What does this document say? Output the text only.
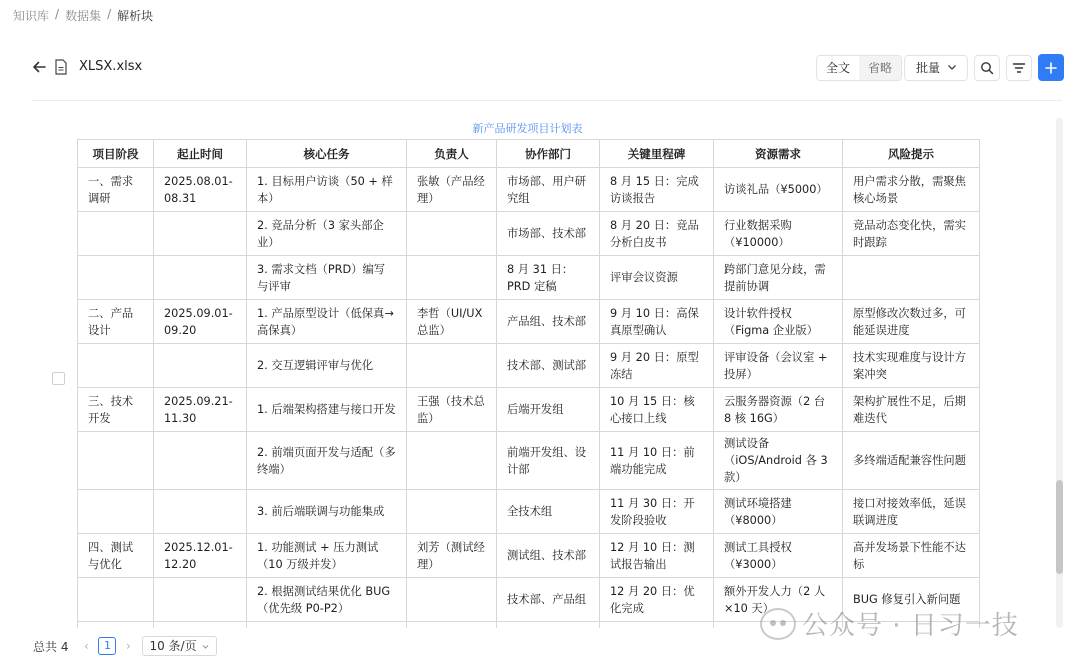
知识库 / 数据集 / 解析块
XLSX.xlsx	全文	省略	批量
新产品研发项目计划表
项目阶段	起止时间	核心任务	负责人	协作部门	关键里程碑	资源需求	风险提示
一、需求调研	2025.08.01-08.31	1. 目标用户访谈（50 + 样本）	张敏（产品经理）	市场部、用户研究组	8 月 15 日：完成访谈报告	访谈礼品（¥5000）	用户需求分散，需聚焦核心场景
		2. 竞品分析（3 家头部企业）		市场部、技术部	8 月 20 日：竞品分析白皮书	行业数据采购（¥10000）	竞品动态变化快，需实时跟踪
		3. 需求文档（PRD）编写与评审		8 月 31 日：PRD 定稿	评审会议资源	跨部门意见分歧，需提前协调	
二、产品设计	2025.09.01-09.20	1. 产品原型设计（低保真→高保真）	李哲（UI/UX 总监）	产品组、技术部	9 月 10 日：高保真原型确认	设计软件授权（Figma 企业版）	原型修改次数过多，可能延误进度
		2. 交互逻辑评审与优化		技术部、测试部	9 月 20 日：原型冻结	评审设备（会议室 + 投屏）	技术实现难度与设计方案冲突
三、技术开发	2025.09.21-11.30	1. 后端架构搭建与接口开发	王强（技术总监）	后端开发组	10 月 15 日：核心接口上线	云服务器资源（2 台 8 核 16G）	架构扩展性不足，后期难迭代
		2. 前端页面开发与适配（多终端）		前端开发组、设计部	11 月 10 日：前端功能完成	测试设备（iOS/Android 各 3 款）	多终端适配兼容性问题
		3. 前后端联调与功能集成		全技术组	11 月 30 日：开发阶段验收	测试环境搭建（¥8000）	接口对接效率低，延误联调进度
四、测试与优化	2025.12.01-12.20	1. 功能测试 + 压力测试（10 万级并发）	刘芳（测试经理）	测试组、技术部	12 月 10 日：测试报告输出	测试工具授权（¥3000）	高并发场景下性能不达标
		2. 根据测试结果优化 BUG（优先级 P0-P2）		技术部、产品组	12 月 20 日：优化完成	额外开发人力（2 人×10 天）	BUG 修复引入新问题

总共 4	‹	1	›	10 条/页
公众号 · 日习一技
